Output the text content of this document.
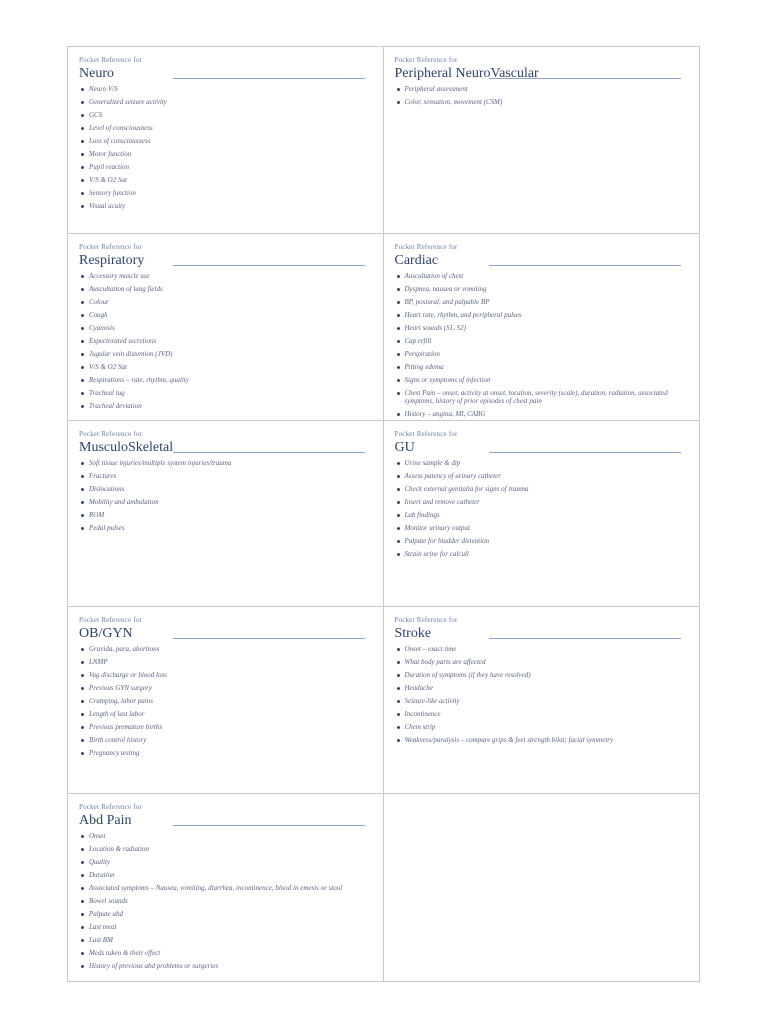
Pocket Reference for
Neuro
Neuro V/S
Generalized seizure activity
GCS
Level of consciousness
Loss of consciousness
Motor function
Pupil reaction
V/S & O2 Sat
Sensory function
Visual acuity
Pocket Reference for
Peripheral NeuroVascular
Peripheral assessment
Color, sensation, movement (CSM)
Pocket Reference for
Respiratory
Accessory muscle use
Auscultation of lung fields
Colour
Cough
Cyanosis
Expectorated secretions
Jugular vein distention (JVD)
V/S & O2 Sat
Respirations – rate, rhythm, quality
Tracheal tug
Tracheal deviation
Pocket Reference for
Cardiac
Auscultation of chest
Dyspnea, nausea or vomiting
BP, postural, and palpable BP
Heart rate, rhythm, and peripheral pulses
Heart sounds (S1, S2)
Cap refill
Perspiration
Pitting edema
Signs or symptoms of infection
Chest Pain – onset, activity at onset, location, severity (scale), duration, radiation, associated symptoms, history of prior episodes of chest pain
History – angina, MI, CABG
Pocket Reference for
MusculoSkeletal
Soft tissue injuries/multiple system injuries/trauma
Fractures
Dislocations
Mobility and ambulation
ROM
Pedal pulses
Pocket Reference for
GU
Urine sample & dip
Assess patency of urinary catheter
Check external genitalia for signs of trauma
Insert and remove catheter
Lab findings
Monitor urinary output
Palpate for bladder distention
Strain urine for calculi
Pocket Reference for
OB/GYN
Gravida, para, abortions
LNMP
Vag discharge or blood loss
Previous GYN surgery
Cramping, labor pains
Length of last labor
Previous premature births
Birth control history
Pregnancy testing
Pocket Reference for
Stroke
Onset – exact time
What body parts are affected
Duration of symptoms (if they have resolved)
Headache
Seizure-like activity
Incontinence
Chem strip
Weakness/paralysis – compare grips & feet strength bilat; facial symmetry
Pocket Reference for
Abd Pain
Onset
Location & radiation
Quality
Duration
Associated symptoms – Nausea, vomiting, diarrhea, incontinence, blood in emesis or stool
Bowel sounds
Palpate abd
Last meal
Last BM
Meds taken & their effect
History of previous abd problems or surgeries
